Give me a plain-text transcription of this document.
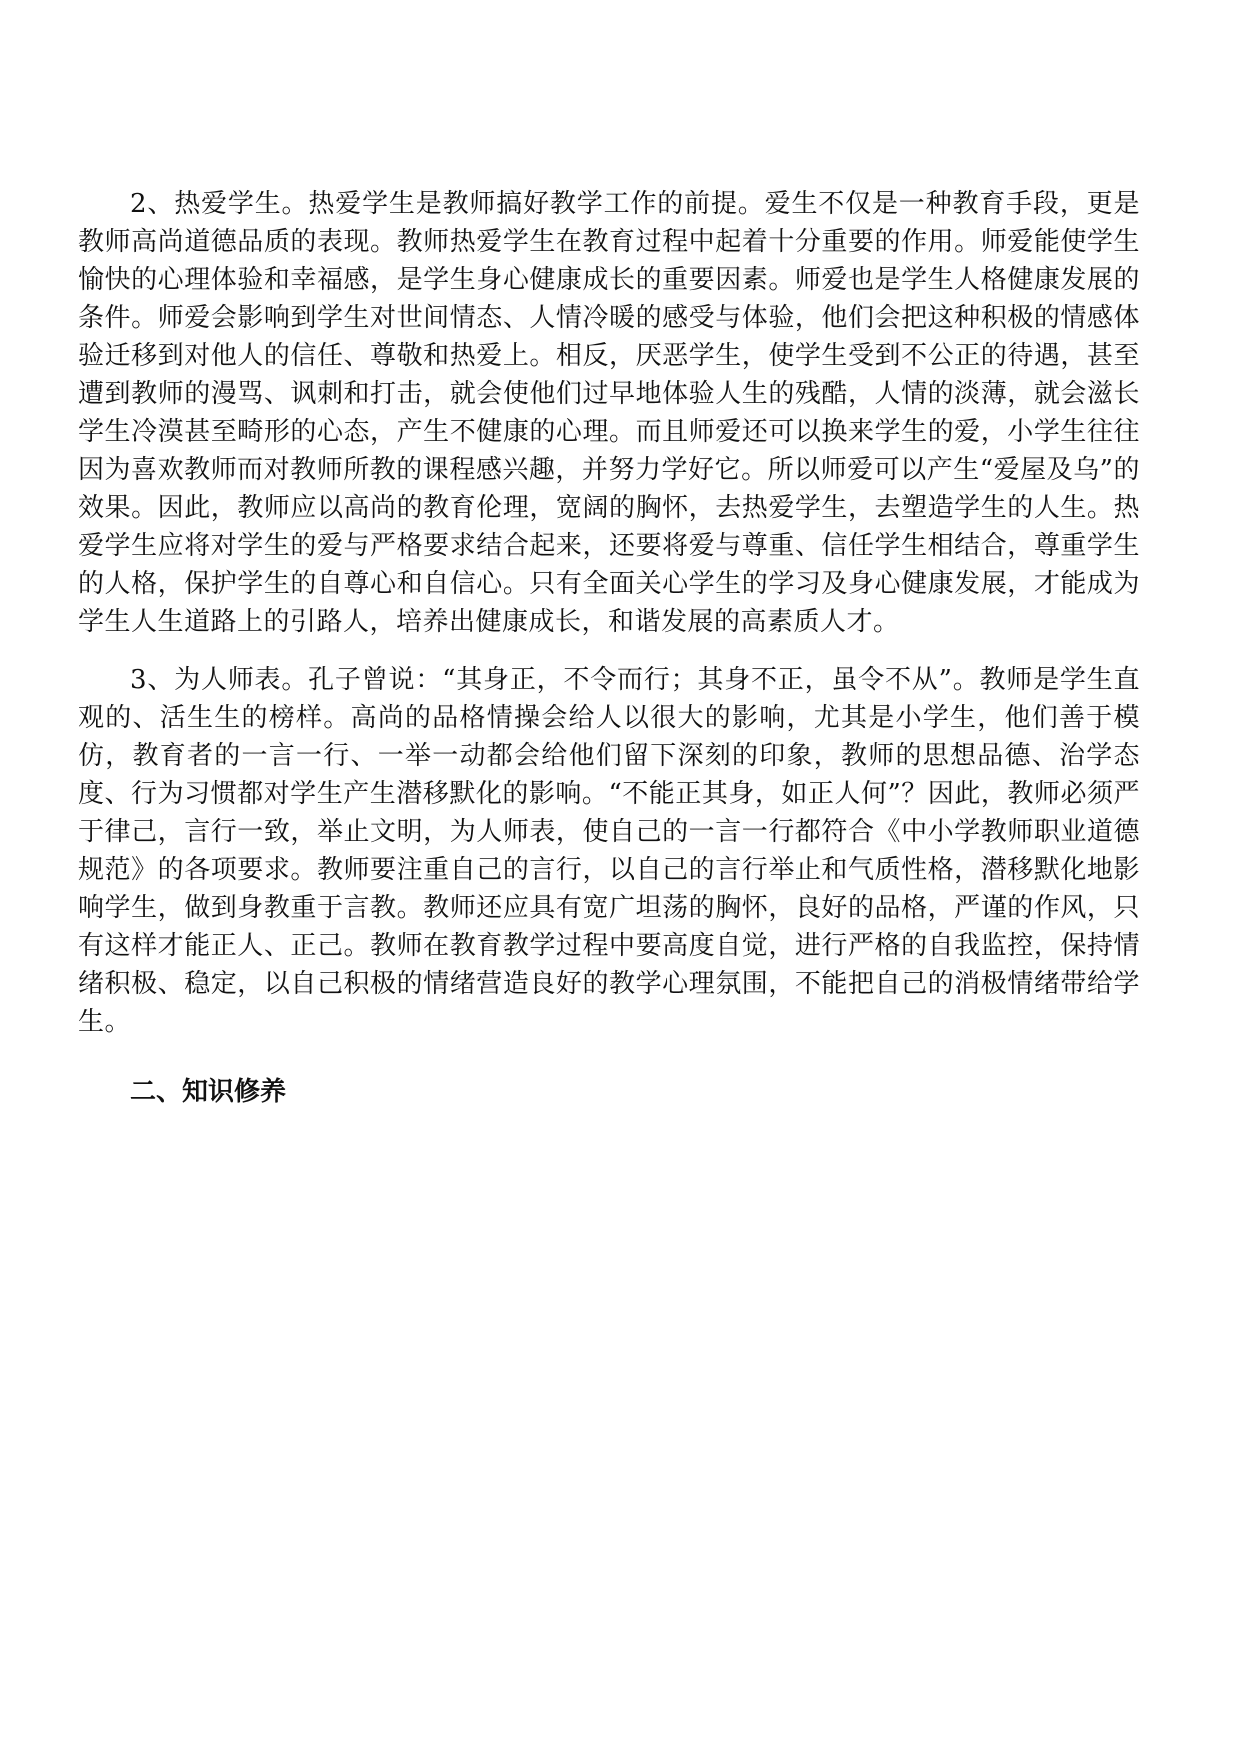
2、热爱学生。热爱学生是教师搞好教学工作的前提。爱生不仅是一种教育手段，更是教师高尚道德品质的表现。教师热爱学生在教育过程中起着十分重要的作用。师爱能使学生愉快的心理体验和幸福感，是学生身心健康成长的重要因素。师爱也是学生人格健康发展的条件。师爱会影响到学生对世间情态、人情冷暖的感受与体验，他们会把这种积极的情感体验迁移到对他人的信任、尊敬和热爱上。相反，厌恶学生，使学生受到不公正的待遇，甚至遭到教师的漫骂、讽刺和打击，就会使他们过早地体验人生的残酷，人情的淡薄，就会滋长学生冷漠甚至畸形的心态，产生不健康的心理。而且师爱还可以换来学生的爱，小学生往往因为喜欢教师而对教师所教的课程感兴趣，并努力学好它。所以师爱可以产生“爱屋及乌”的效果。因此，教师应以高尚的教育伦理，宽阔的胸怀，去热爱学生，去塑造学生的人生。热爱学生应将对学生的爱与严格要求结合起来，还要将爱与尊重、信任学生相结合，尊重学生的人格，保护学生的自尊心和自信心。只有全面关心学生的学习及身心健康发展，才能成为学生人生道路上的引路人，培养出健康成长，和谐发展的高素质人才。

3、为人师表。孔子曾说：“其身正，不令而行；其身不正，虽令不从”。教师是学生直观的、活生生的榜样。高尚的品格情操会给人以很大的影响，尤其是小学生，他们善于模仿，教育者的一言一行、一举一动都会给他们留下深刻的印象，教师的思想品德、治学态度、行为习惯都对学生产生潜移默化的影响。“不能正其身，如正人何”？因此，教师必须严于律己，言行一致，举止文明，为人师表，使自己的一言一行都符合《中小学教师职业道德规范》的各项要求。教师要注重自己的言行，以自己的言行举止和气质性格，潜移默化地影响学生，做到身教重于言教。教师还应具有宽广坦荡的胸怀，良好的品格，严谨的作风，只有这样才能正人、正己。教师在教育教学过程中要高度自觉，进行严格的自我监控，保持情绪积极、稳定，以自己积极的情绪营造良好的教学心理氛围，不能把自己的消极情绪带给学生。

二、知识修养
